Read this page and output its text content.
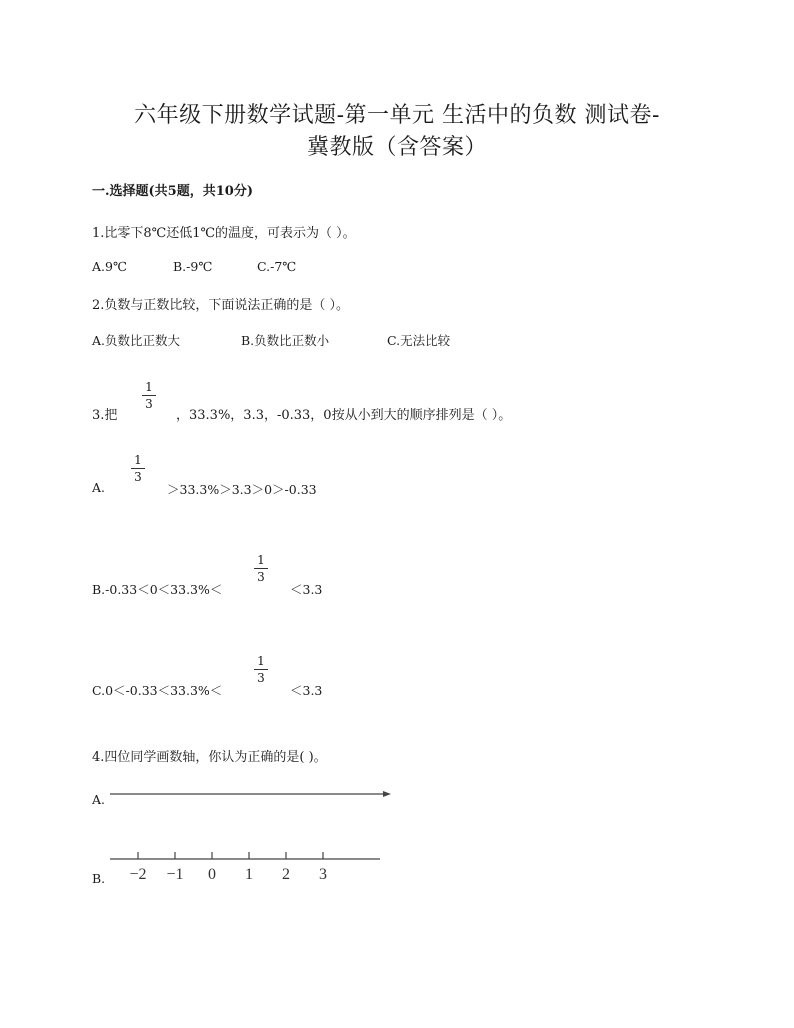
六年级下册数学试题-第一单元 生活中的负数 测试卷-
冀教版（含答案）
一.选择题(共5题，共10分)
1.比零下8℃还低1℃的温度，可表示为（ ）。
A.9℃	B.-9℃	C.-7℃
2.负数与正数比较，下面说法正确的是（ ）。
A.负数比正数大	B.负数比正数小	C.无法比较
1
3
3.把	，33.3%，3.3，-0.33，0按从小到大的顺序排列是（ ）。
1
3
A.	＞33.3%＞3.3＞0＞-0.33
1
3
B.-0.33＜0＜33.3%＜	＜3.3
1
3
C.0＜-0.33＜33.3%＜	＜3.3
4.四位同学画数轴，你认为正确的是( )。
A.
B. −2 −1 0 1 2 3
